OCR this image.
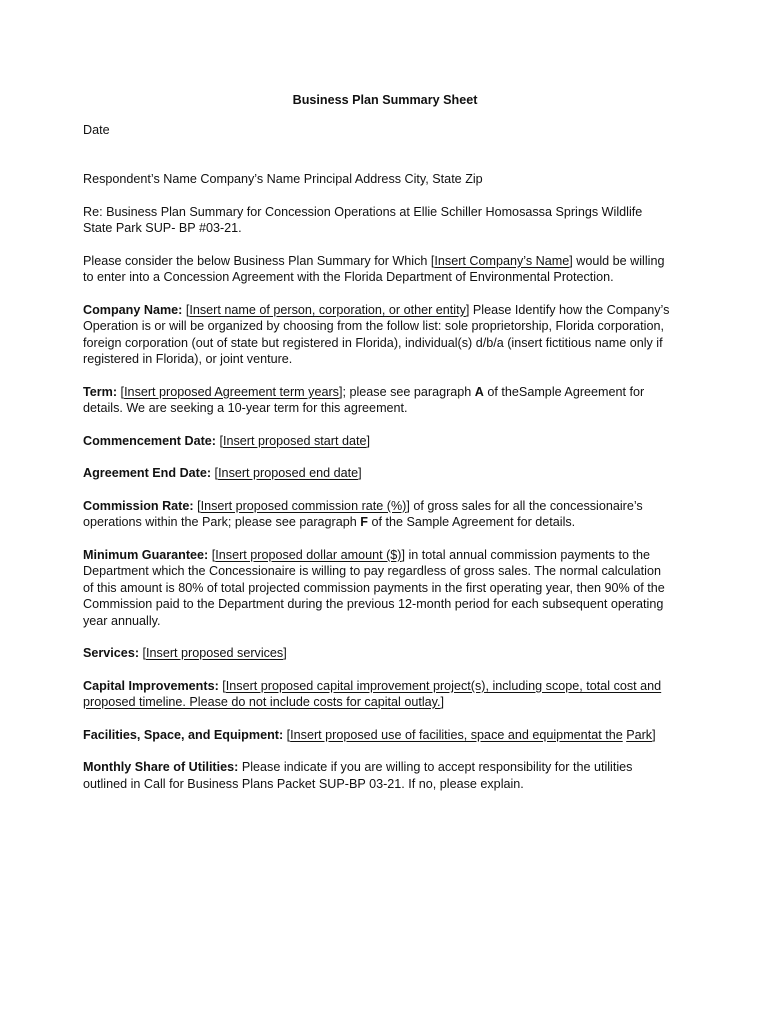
Business Plan Summary Sheet
Date
Respondent’s Name Company’s Name Principal Address City, State Zip
Re: Business Plan Summary for Concession Operations at Ellie Schiller Homosassa Springs Wildlife State Park SUP- BP #03-21.
Please consider the below Business Plan Summary for Which [Insert Company’s Name] would be willing to enter into a Concession Agreement with the Florida Department of Environmental Protection.
Company Name: [Insert name of person, corporation, or other entity] Please Identify how the Company’s Operation is or will be organized by choosing from the follow list: sole proprietorship, Florida corporation, foreign corporation (out of state but registered in Florida), individual(s) d/b/a (insert fictitious name only if registered in Florida), or joint venture.
Term: [Insert proposed Agreement term years]; please see paragraph A of theSample Agreement for details. We are seeking a 10-year term for this agreement.
Commencement Date: [Insert proposed start date]
Agreement End Date: [Insert proposed end date]
Commission Rate: [Insert proposed commission rate (%)] of gross sales for all the concessionaire’s operations within the Park; please see paragraph F of the Sample Agreement for details.
Minimum Guarantee: [Insert proposed dollar amount ($)] in total annual commission payments to the Department which the Concessionaire is willing to pay regardless of gross sales. The normal calculation of this amount is 80% of total projected commission payments in the first operating year, then 90% of the Commission paid to the Department during the previous 12-month period for each subsequent operating year annually.
Services: [Insert proposed services]
Capital Improvements: [Insert proposed capital improvement project(s), including scope, total cost and proposed timeline. Please do not include costs for capital outlay.]
Facilities, Space, and Equipment: [Insert proposed use of facilities, space and equipmentat the Park]
Monthly Share of Utilities: Please indicate if you are willing to accept responsibility for the utilities outlined in Call for Business Plans Packet SUP-BP 03-21. If no, please explain.
